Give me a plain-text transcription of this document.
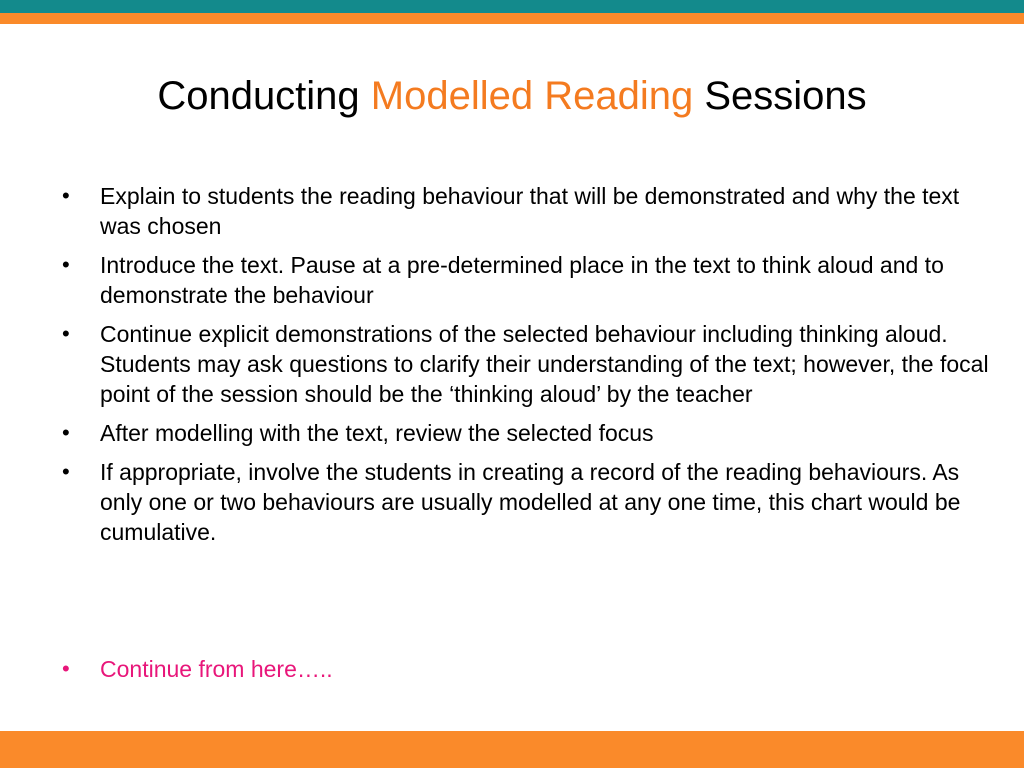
Conducting Modelled Reading Sessions
•	Explain to students the reading behaviour that will be demonstrated and why the text was chosen
•	Introduce the text. Pause at a pre-determined place in the text to think aloud and to demonstrate the behaviour
•	Continue explicit demonstrations of the selected behaviour including thinking aloud. Students may ask questions to clarify their understanding of the text; however, the focal point of the session should be the ‘thinking aloud’ by the teacher
•	After modelling with the text, review the selected focus
•	If appropriate, involve the students in creating a record of the reading behaviours. As only one or two behaviours are usually modelled at any one time, this chart would be cumulative.
•	Continue from here…..
